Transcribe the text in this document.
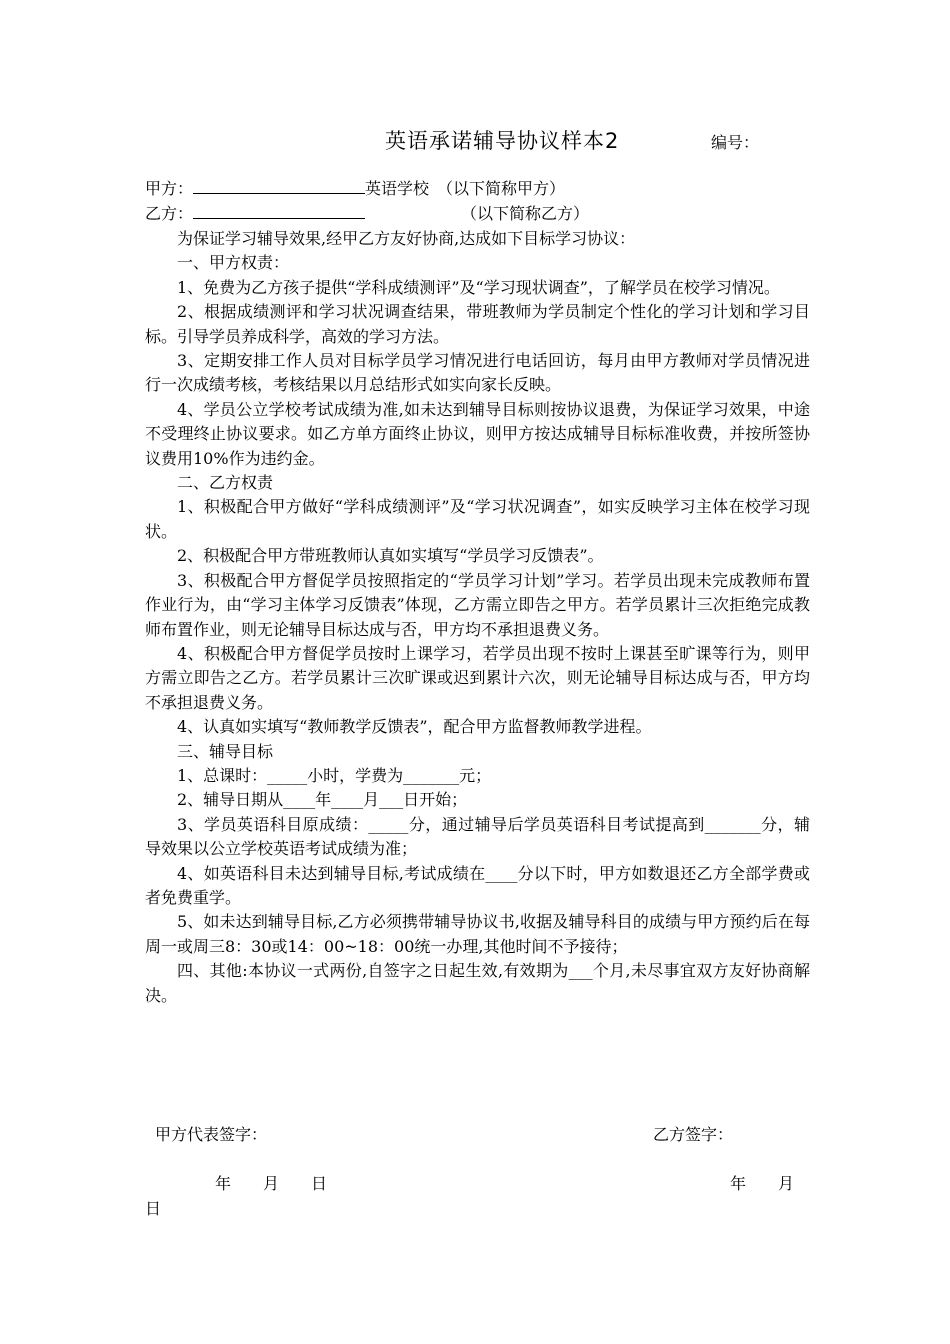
英语承诺辅导协议样本2	编号：
甲方：	英语学校　（以下简称甲方）
乙方：	（以下简称乙方）

为保证学习辅导效果,经甲乙方友好协商,达成如下目标学习协议：

一、甲方权责：

1、免费为乙方孩子提供“学科成绩测评”及“学习现状调查”，了解学员在校学习情况。

2、根据成绩测评和学习状况调查结果，带班教师为学员制定个性化的学习计划和学习目标。引导学员养成科学，高效的学习方法。

3、定期安排工作人员对目标学员学习情况进行电话回访，每月由甲方教师对学员情况进行一次成绩考核，考核结果以月总结形式如实向家长反映。

4、学员公立学校考试成绩为准,如未达到辅导目标则按协议退费，为保证学习效果，中途不受理终止协议要求。如乙方单方面终止协议，则甲方按达成辅导目标标准收费，并按所签协议费用10%作为违约金。

二、乙方权责

1、积极配合甲方做好“学科成绩测评”及“学习状况调查”，如实反映学习主体在校学习现状。

2、积极配合甲方带班教师认真如实填写“学员学习反馈表”。

3、积极配合甲方督促学员按照指定的“学员学习计划”学习。若学员出现未完成教师布置作业行为，由“学习主体学习反馈表”体现，乙方需立即告之甲方。若学员累计三次拒绝完成教师布置作业，则无论辅导目标达成与否，甲方均不承担退费义务。

4、积极配合甲方督促学员按时上课学习，若学员出现不按时上课甚至旷课等行为，则甲方需立即告之乙方。若学员累计三次旷课或迟到累计六次，则无论辅导目标达成与否，甲方均不承担退费义务。

4、认真如实填写“教师教学反馈表”，配合甲方监督教师教学进程。

三、辅导目标

1、总课时：_____小时，学费为_______元；

2、辅导日期从____年____月___日开始；

3、学员英语科目原成绩：_____分，通过辅导后学员英语科目考试提高到_______分，辅导效果以公立学校英语考试成绩为准；

4、如英语科目未达到辅导目标,考试成绩在____分以下时，甲方如数退还乙方全部学费或者免费重学。

5、如未达到辅导目标,乙方必须携带辅导协议书,收据及辅导科目的成绩与甲方预约后在每周一或周三8：30或14：00~18：00统一办理,其他时间不予接待；

四、其他:本协议一式两份,自签字之日起生效,有效期为___个月,未尽事宜双方友好协商解决。

甲方代表签字：	乙方签字：
年　　月　　日	年　　月
日
